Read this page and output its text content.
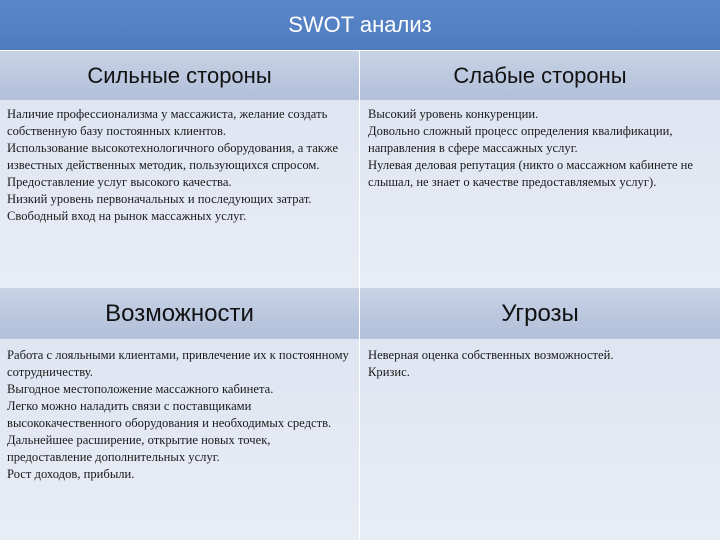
SWOT анализ
Сильные стороны	Слабые стороны
Наличие профессионализма у массажиста, желание создать собственную базу постоянных клиентов.
Использование высокотехнологичного оборудования, а также известных действенных методик, пользующихся спросом.
Предоставление услуг высокого качества.
Низкий уровень первоначальных и последующих затрат.
Свободный вход на рынок массажных услуг.
Высокий уровень конкуренции.
Довольно сложный процесс определения квалификации, направления в сфере массажных услуг.
Нулевая деловая репутация (никто о массажном кабинете не слышал, не знает о качестве предоставляемых услуг).
Возможности	Угрозы
Работа с лояльными клиентами, привлечение их к постоянному сотрудничеству.
Выгодное местоположение массажного кабинета.
Легко можно наладить связи с поставщиками высококачественного оборудования и необходимых средств.
Дальнейшее расширение, открытие новых точек, предоставление дополнительных услуг.
Рост доходов, прибыли.
Неверная оценка собственных возможностей.
Кризис.
